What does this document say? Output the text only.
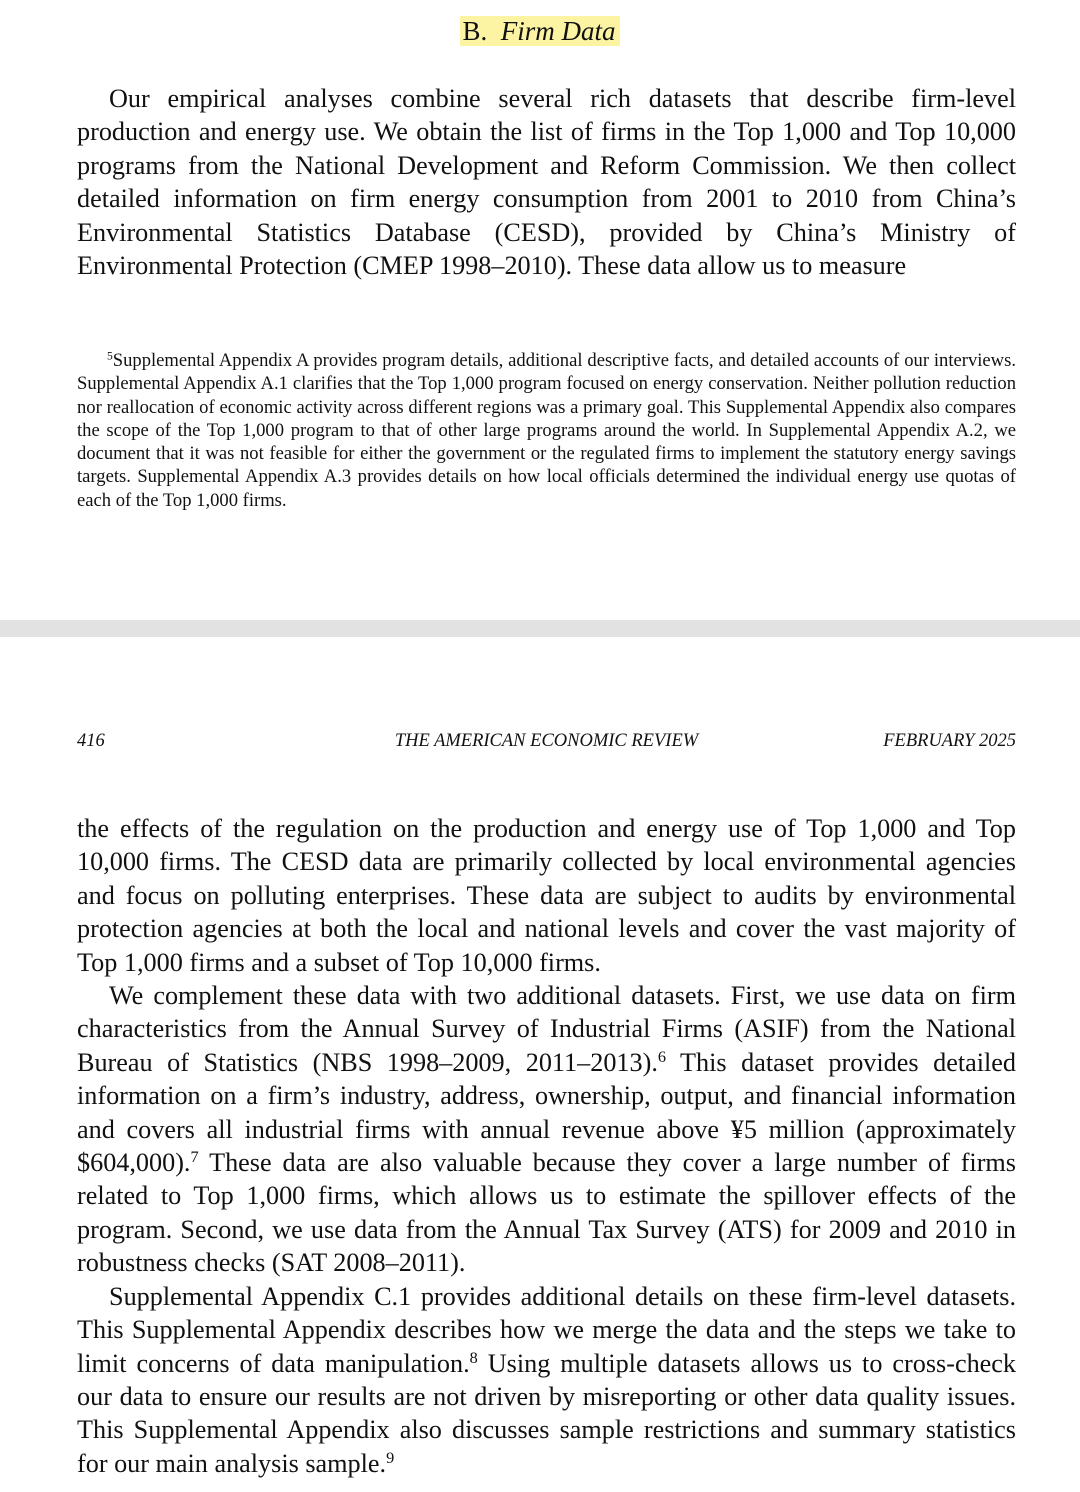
B. Firm Data

Our empirical analyses combine several rich datasets that describe firm-level production and energy use. We obtain the list of firms in the Top 1,000 and Top 10,000 programs from the National Development and Reform Commission. We then collect detailed information on firm energy consumption from 2001 to 2010 from China’s Environmental Statistics Database (CESD), provided by China’s Ministry of Environmental Protection (CMEP 1998–2010). These data allow us to measure

$^5$Supplemental Appendix A provides program details, additional descriptive facts, and detailed accounts of our interviews. Supplemental Appendix A.1 clarifies that the Top 1,000 program focused on energy conservation. Neither pollution reduction nor reallocation of economic activity across different regions was a primary goal. This Supplemental Appendix also compares the scope of the Top 1,000 program to that of other large programs around the world. In Supplemental Appendix A.2, we document that it was not feasible for either the government or the regulated firms to implement the statutory energy savings targets. Supplemental Appendix A.3 provides details on how local officials determined the individual energy use quotas of each of the Top 1,000 firms.
416	THE AMERICAN ECONOMIC REVIEW	FEBRUARY 2025

the effects of the regulation on the production and energy use of Top 1,000 and Top 10,000 firms. The CESD data are primarily collected by local environmental agencies and focus on polluting enterprises. These data are subject to audits by environmental protection agencies at both the local and national levels and cover the vast majority of Top 1,000 firms and a subset of Top 10,000 firms.

We complement these data with two additional datasets. First, we use data on firm characteristics from the Annual Survey of Industrial Firms (ASIF) from the National Bureau of Statistics (NBS 1998–2009, 2011–2013).$^6$ This dataset provides detailed information on a firm’s industry, address, ownership, output, and financial information and covers all industrial firms with annual revenue above ¥5 million (approximately $604,000).$^7$ These data are also valuable because they cover a large number of firms related to Top 1,000 firms, which allows us to estimate the spillover effects of the program. Second, we use data from the Annual Tax Survey (ATS) for 2009 and 2010 in robustness checks (SAT 2008–2011).

Supplemental Appendix C.1 provides additional details on these firm-level datasets. This Supplemental Appendix describes how we merge the data and the steps we take to limit concerns of data manipulation.$^8$ Using multiple datasets allows us to cross-check our data to ensure our results are not driven by misreporting or other data quality issues. This Supplemental Appendix also discusses sample restrictions and summary statistics for our main analysis sample.$^9$
